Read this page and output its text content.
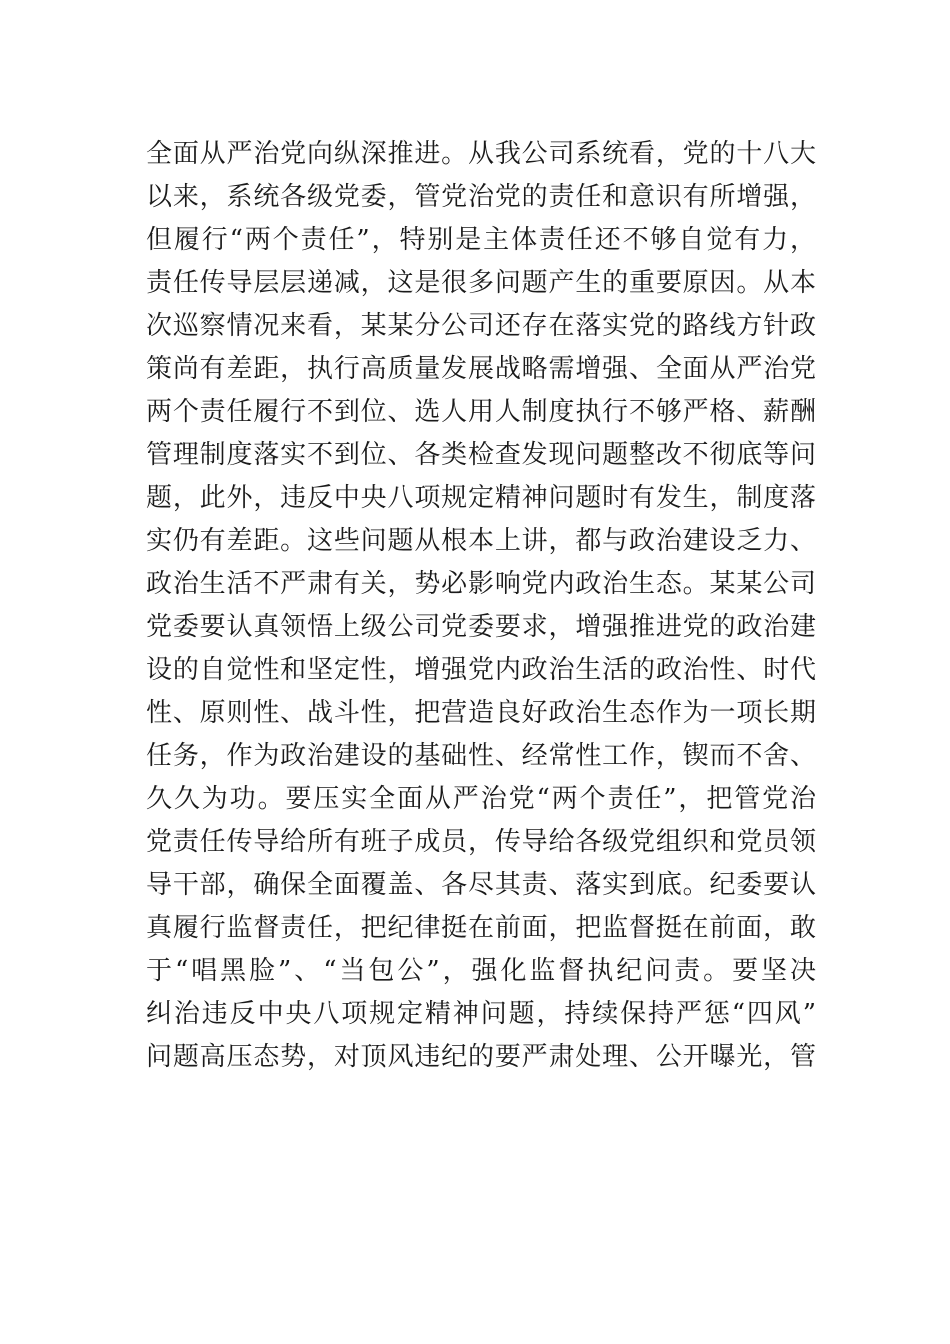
全面从严治党向纵深推进。从我公司系统看，党的十八大
以来，系统各级党委，管党治党的责任和意识有所增强，
但履行“两个责任”，特别是主体责任还不够自觉有力，
责任传导层层递减，这是很多问题产生的重要原因。从本
次巡察情况来看，某某分公司还存在落实党的路线方针政
策尚有差距，执行高质量发展战略需增强、全面从严治党
两个责任履行不到位、选人用人制度执行不够严格、薪酬
管理制度落实不到位、各类检查发现问题整改不彻底等问
题，此外，违反中央八项规定精神问题时有发生，制度落
实仍有差距。这些问题从根本上讲，都与政治建设乏力、
政治生活不严肃有关，势必影响党内政治生态。某某公司
党委要认真领悟上级公司党委要求，增强推进党的政治建
设的自觉性和坚定性，增强党内政治生活的政治性、时代
性、原则性、战斗性，把营造良好政治生态作为一项长期
任务，作为政治建设的基础性、经常性工作，锲而不舍、
久久为功。要压实全面从严治党“两个责任”，把管党治
党责任传导给所有班子成员，传导给各级党组织和党员领
导干部，确保全面覆盖、各尽其责、落实到底。纪委要认
真履行监督责任，把纪律挺在前面，把监督挺在前面，敢
于“唱黑脸”、“当包公”，强化监督执纪问责。要坚决
纠治违反中央八项规定精神问题，持续保持严惩“四风”
问题高压态势，对顶风违纪的要严肃处理、公开曝光，管
